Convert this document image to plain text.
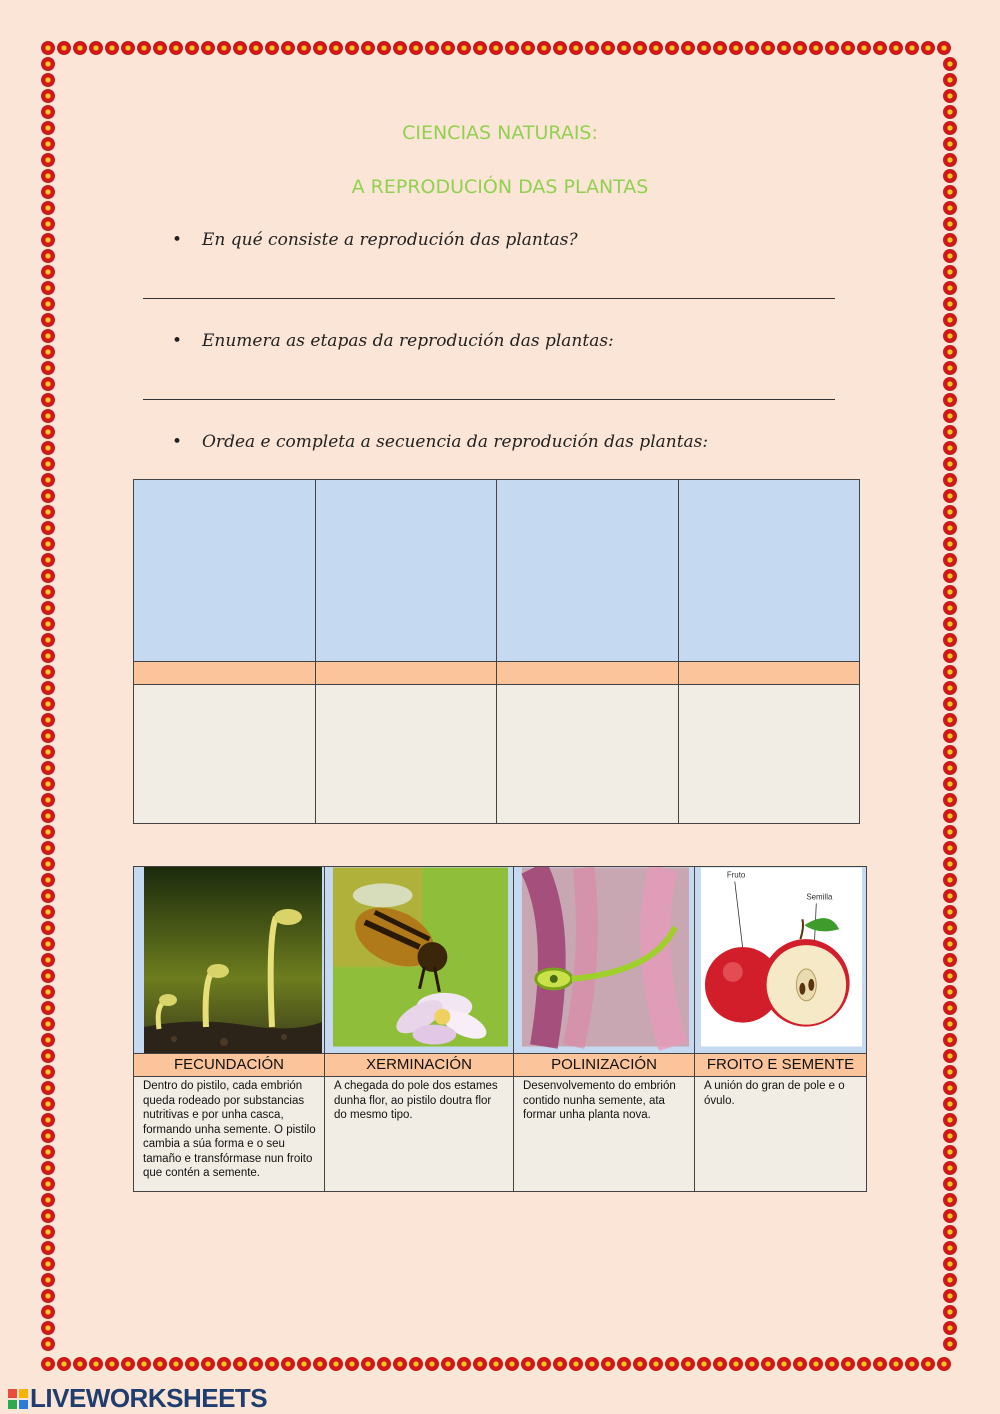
CIENCIAS NATURAIS:
A REPRODUCIÓN DAS PLANTAS
• En qué consiste a reprodución das plantas?
• Enumera as etapas da reprodución das plantas:
• Ordea e completa a secuencia da reprodución das plantas:

Fruto
Semilla

FECUNDACIÓN	XERMINACIÓN	POLINIZACIÓN	FROITO E SEMENTE
Dentro do pistilo, cada embrión queda rodeado por substancias nutritivas e por unha casca, formando unha semente. O pistilo cambia a súa forma e o seu tamaño e transfórmase nun froito que contén a semente.	A chegada do pole dos estames dunha flor, ao pistilo doutra flor do mesmo tipo.	Desenvolvemento do embrión contido nunha semente, ata formar unha planta nova.	A unión do gran de pole e o óvulo.
LIVEWORKSHEETS
